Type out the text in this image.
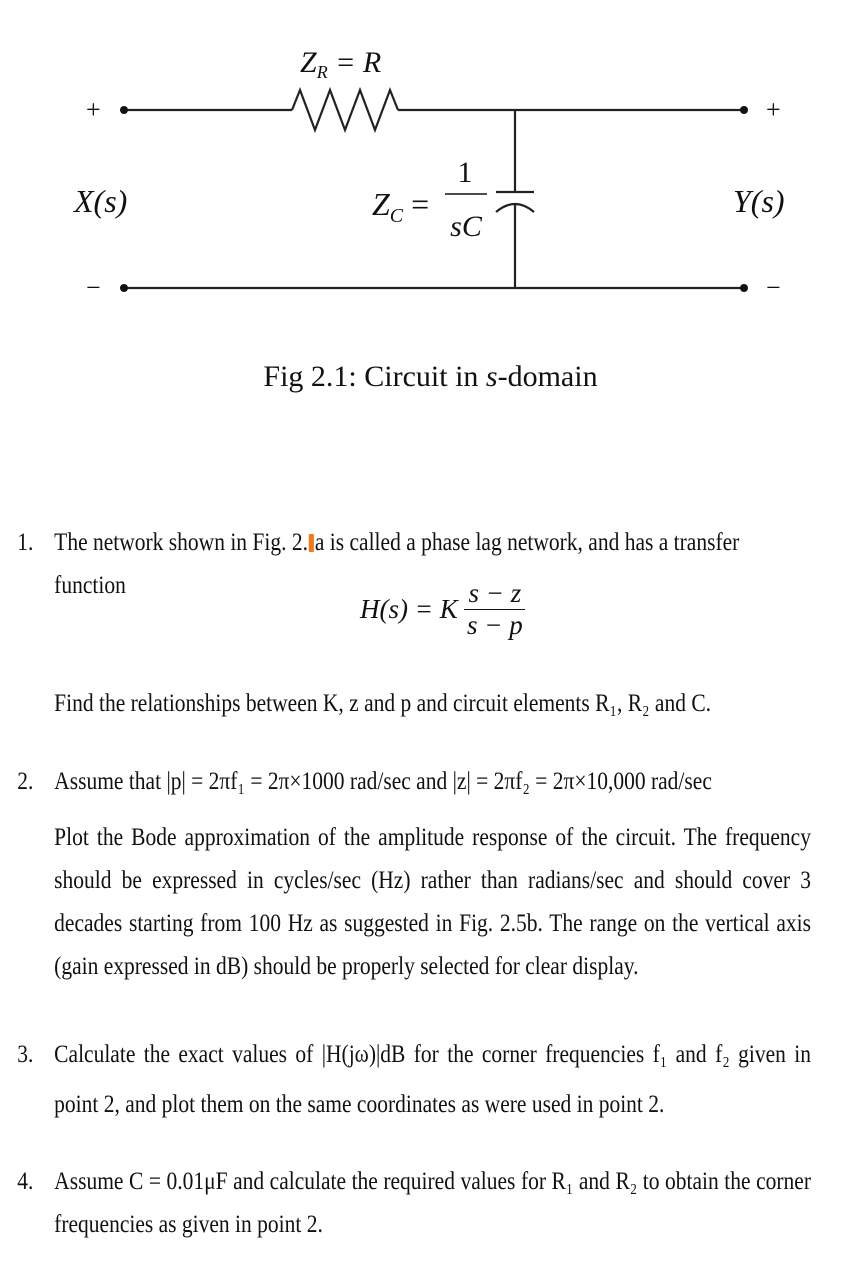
$Z_R = R$
$Z_C$ =
1
sC
X(s)	Y(s)
+	+
−	−
Fig 2.1: Circuit in s-domain
1. The network shown in Fig. 2. a is called a phase lag network, and has a transfer function
H(s) = K $\frac{s - z}{s - p}$
Find the relationships between K, z and p and circuit elements R₁, R₂ and C.
2. Assume that |p| = 2πf₁ = 2π×1000 rad/sec and |z| = 2πf₂ = 2π×10,000 rad/sec
Plot the Bode approximation of the amplitude response of the circuit. The frequency should be expressed in cycles/sec (Hz) rather than radians/sec and should cover 3 decades starting from 100 Hz as suggested in Fig. 2.5b. The range on the vertical axis (gain expressed in dB) should be properly selected for clear display.
3. Calculate the exact values of |H(jω)|dB for the corner frequencies f₁ and f₂ given in point 2, and plot them on the same coordinates as were used in point 2.
4. Assume C = 0.01μF and calculate the required values for R₁ and R₂ to obtain the corner frequencies as given in point 2.
